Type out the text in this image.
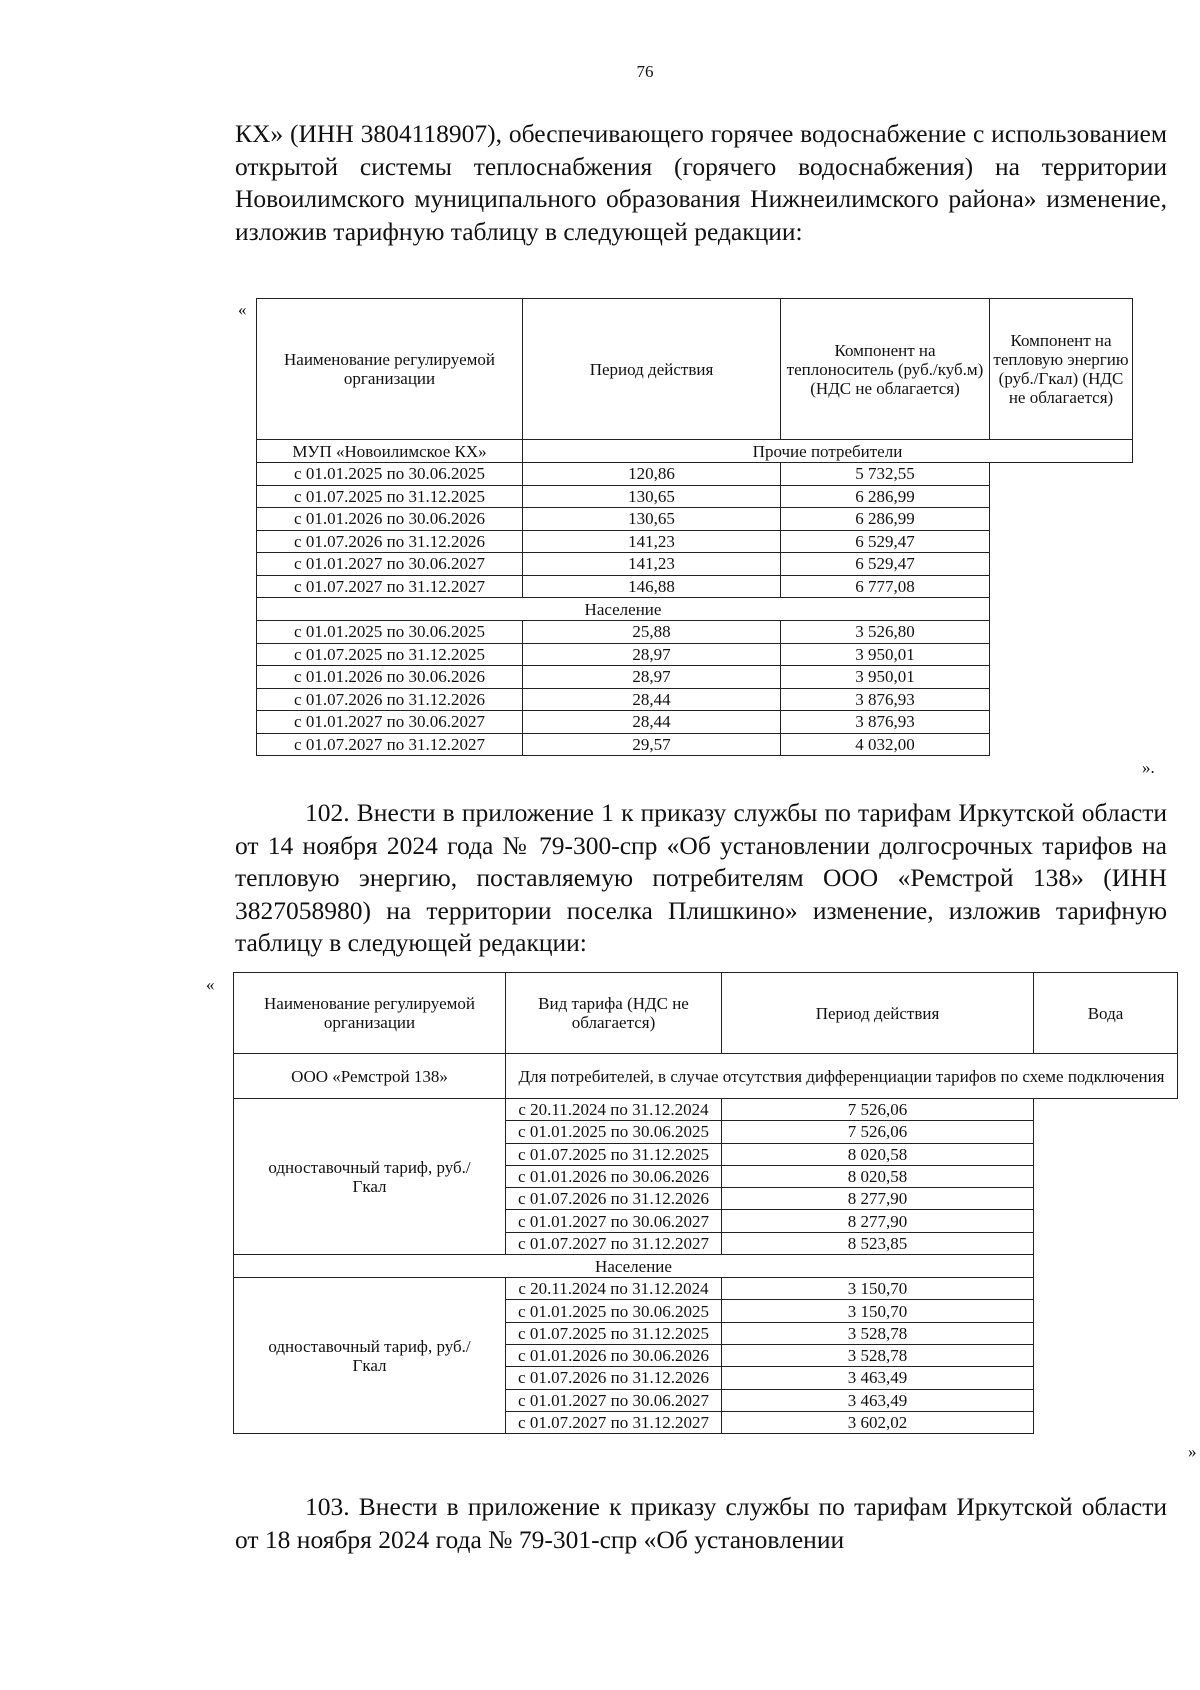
76
КХ» (ИНН 3804118907), обеспечивающего горячее водоснабжение с использованием открытой системы теплоснабжения (горячего водоснабжения) на территории Новоилимского муниципального образования Нижнеилимского района» изменение, изложив тарифную таблицу в следующей редакции:
«
Наименование регулируемой организации	Период действия	Компонент на теплоноситель (руб./куб.м) (НДС не облагается)	Компонент на тепловую энергию (руб./Гкал) (НДС не облагается)
МУП «Новоилимское КХ»	Прочие потребители		
с 01.01.2025 по 30.06.2025	120,86	5 732,55	
с 01.07.2025 по 31.12.2025	130,65	6 286,99	
с 01.01.2026 по 30.06.2026	130,65	6 286,99	
с 01.07.2026 по 31.12.2026	141,23	6 529,47	
с 01.01.2027 по 30.06.2027	141,23	6 529,47	
с 01.07.2027 по 31.12.2027	146,88	6 777,08	
Население			
с 01.01.2025 по 30.06.2025	25,88	3 526,80	
с 01.07.2025 по 31.12.2025	28,97	3 950,01	
с 01.01.2026 по 30.06.2026	28,97	3 950,01	
с 01.07.2026 по 31.12.2026	28,44	3 876,93	
с 01.01.2027 по 30.06.2027	28,44	3 876,93	
с 01.07.2027 по 31.12.2027	29,57	4 032,00	
».
102. Внести в приложение 1 к приказу службы по тарифам Иркутской области от 14 ноября 2024 года № 79-300-спр «Об установлении долгосрочных тарифов на тепловую энергию, поставляемую потребителям ООО «Ремстрой 138» (ИНН 3827058980) на территории поселка Плишкино» изменение, изложив тарифную таблицу в следующей редакции:
«
Наименование регулируемой организации	Вид тарифа (НДС не облагается)	Период действия	Вода
ООО «Ремстрой 138»	Для потребителей, в случае отсутствия дифференциации тарифов по схеме подключения		
одноставочный тариф, руб./Гкал	с 20.11.2024 по 31.12.2024	7 526,06	
	с 01.01.2025 по 30.06.2025	7 526,06	
	с 01.07.2025 по 31.12.2025	8 020,58	
	с 01.01.2026 по 30.06.2026	8 020,58	
	с 01.07.2026 по 31.12.2026	8 277,90	
	с 01.01.2027 по 30.06.2027	8 277,90	
	с 01.07.2027 по 31.12.2027	8 523,85	
Население			
одноставочный тариф, руб./Гкал	с 20.11.2024 по 31.12.2024	3 150,70	
	с 01.01.2025 по 30.06.2025	3 150,70	
	с 01.07.2025 по 31.12.2025	3 528,78	
	с 01.01.2026 по 30.06.2026	3 528,78	
	с 01.07.2026 по 31.12.2026	3 463,49	
	с 01.01.2027 по 30.06.2027	3 463,49	
	с 01.07.2027 по 31.12.2027	3 602,02	
»
103. Внести в приложение к приказу службы по тарифам Иркутской области от 18 ноября 2024 года № 79-301-спр «Об установлении
